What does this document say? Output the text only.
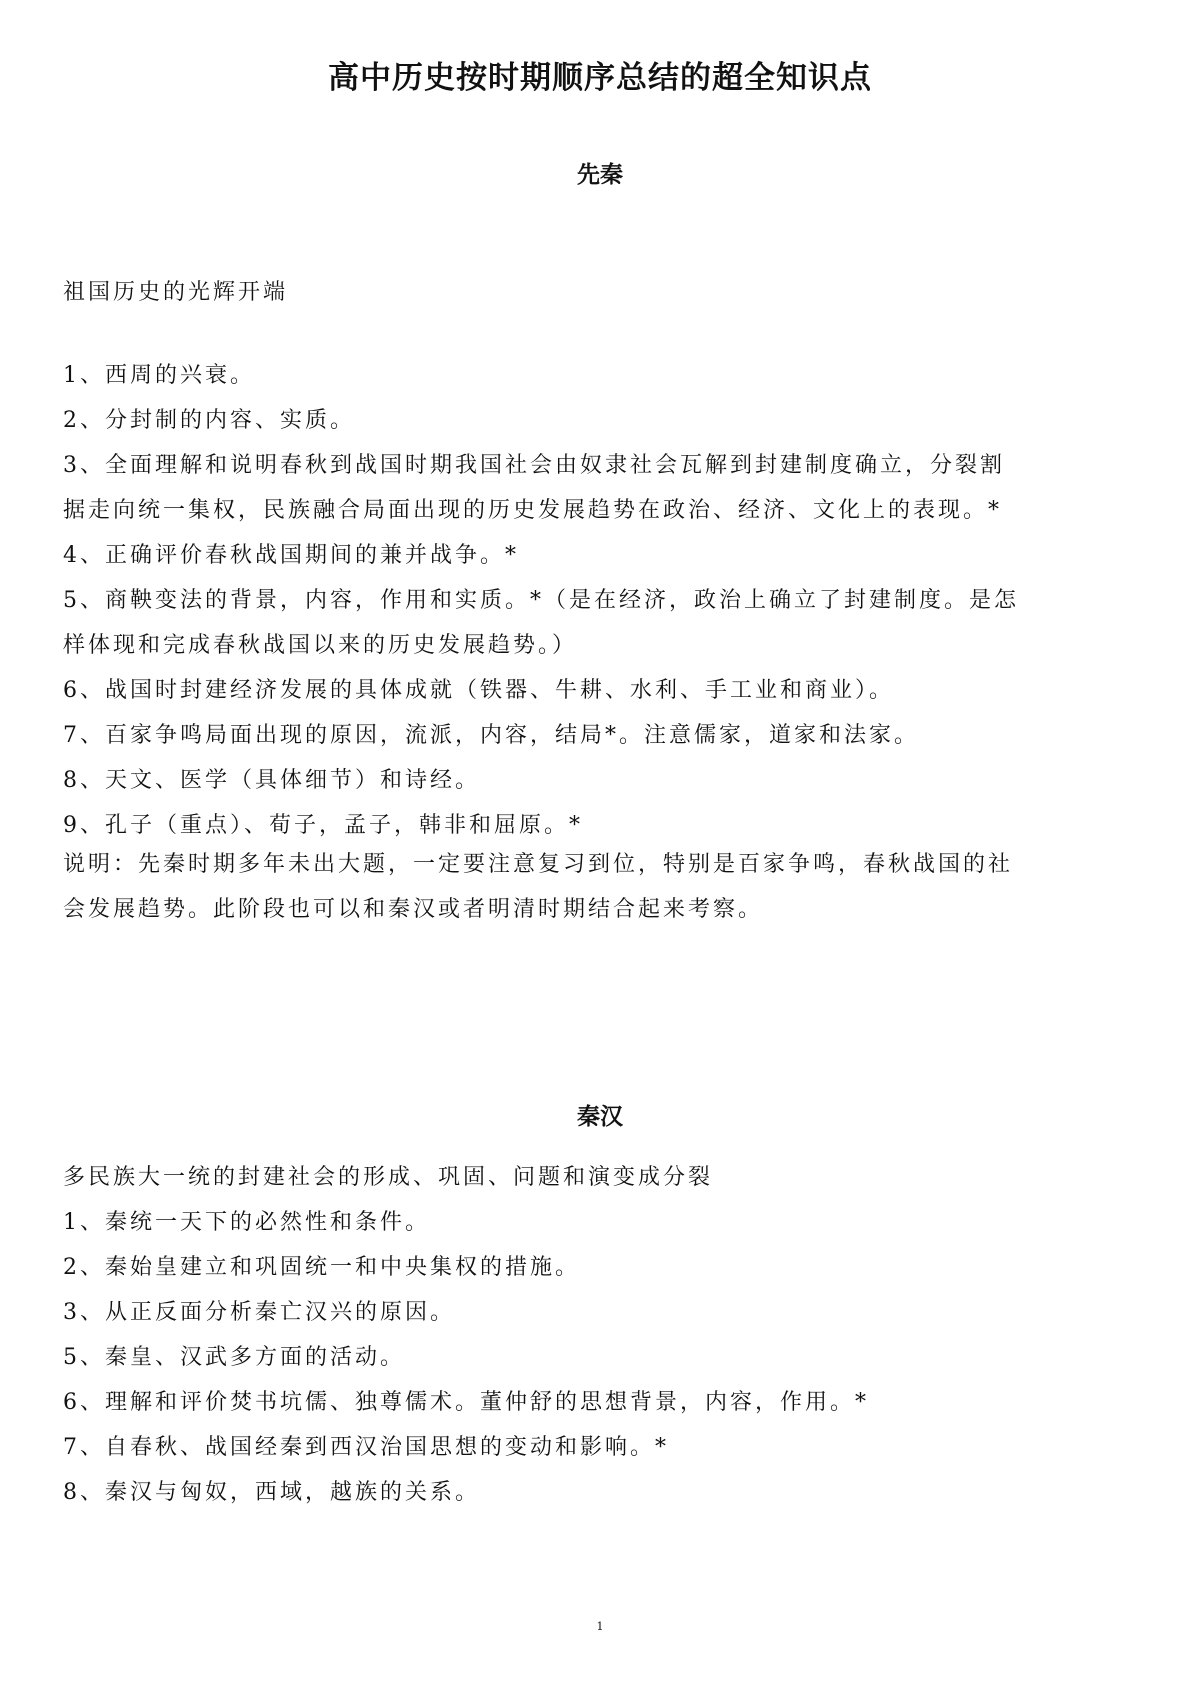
高中历史按时期顺序总结的超全知识点
先秦

祖国历史的光辉开端

1、西周的兴衰。

2、分封制的内容、实质。

3、全面理解和说明春秋到战国时期我国社会由奴隶社会瓦解到封建制度确立，分裂割

据走向统一集权，民族融合局面出现的历史发展趋势在政治、经济、文化上的表现。*

4、正确评价春秋战国期间的兼并战争。*

5、商鞅变法的背景，内容，作用和实质。*（是在经济，政治上确立了封建制度。是怎

样体现和完成春秋战国以来的历史发展趋势。）

6、战国时封建经济发展的具体成就（铁器、牛耕、水利、手工业和商业）。

7、百家争鸣局面出现的原因，流派，内容，结局*。注意儒家，道家和法家。

8、天文、医学（具体细节）和诗经。

9、孔子（重点）、荀子，孟子，韩非和屈原。*

说明：先秦时期多年未出大题，一定要注意复习到位，特别是百家争鸣，春秋战国的社

会发展趋势。此阶段也可以和秦汉或者明清时期结合起来考察。

秦汉

多民族大一统的封建社会的形成、巩固、问题和演变成分裂

1、秦统一天下的必然性和条件。

2、秦始皇建立和巩固统一和中央集权的措施。

3、从正反面分析秦亡汉兴的原因。

5、秦皇、汉武多方面的活动。

6、理解和评价焚书坑儒、独尊儒术。董仲舒的思想背景，内容，作用。*

7、自春秋、战国经秦到西汉治国思想的变动和影响。*

8、秦汉与匈奴，西域，越族的关系。

1
